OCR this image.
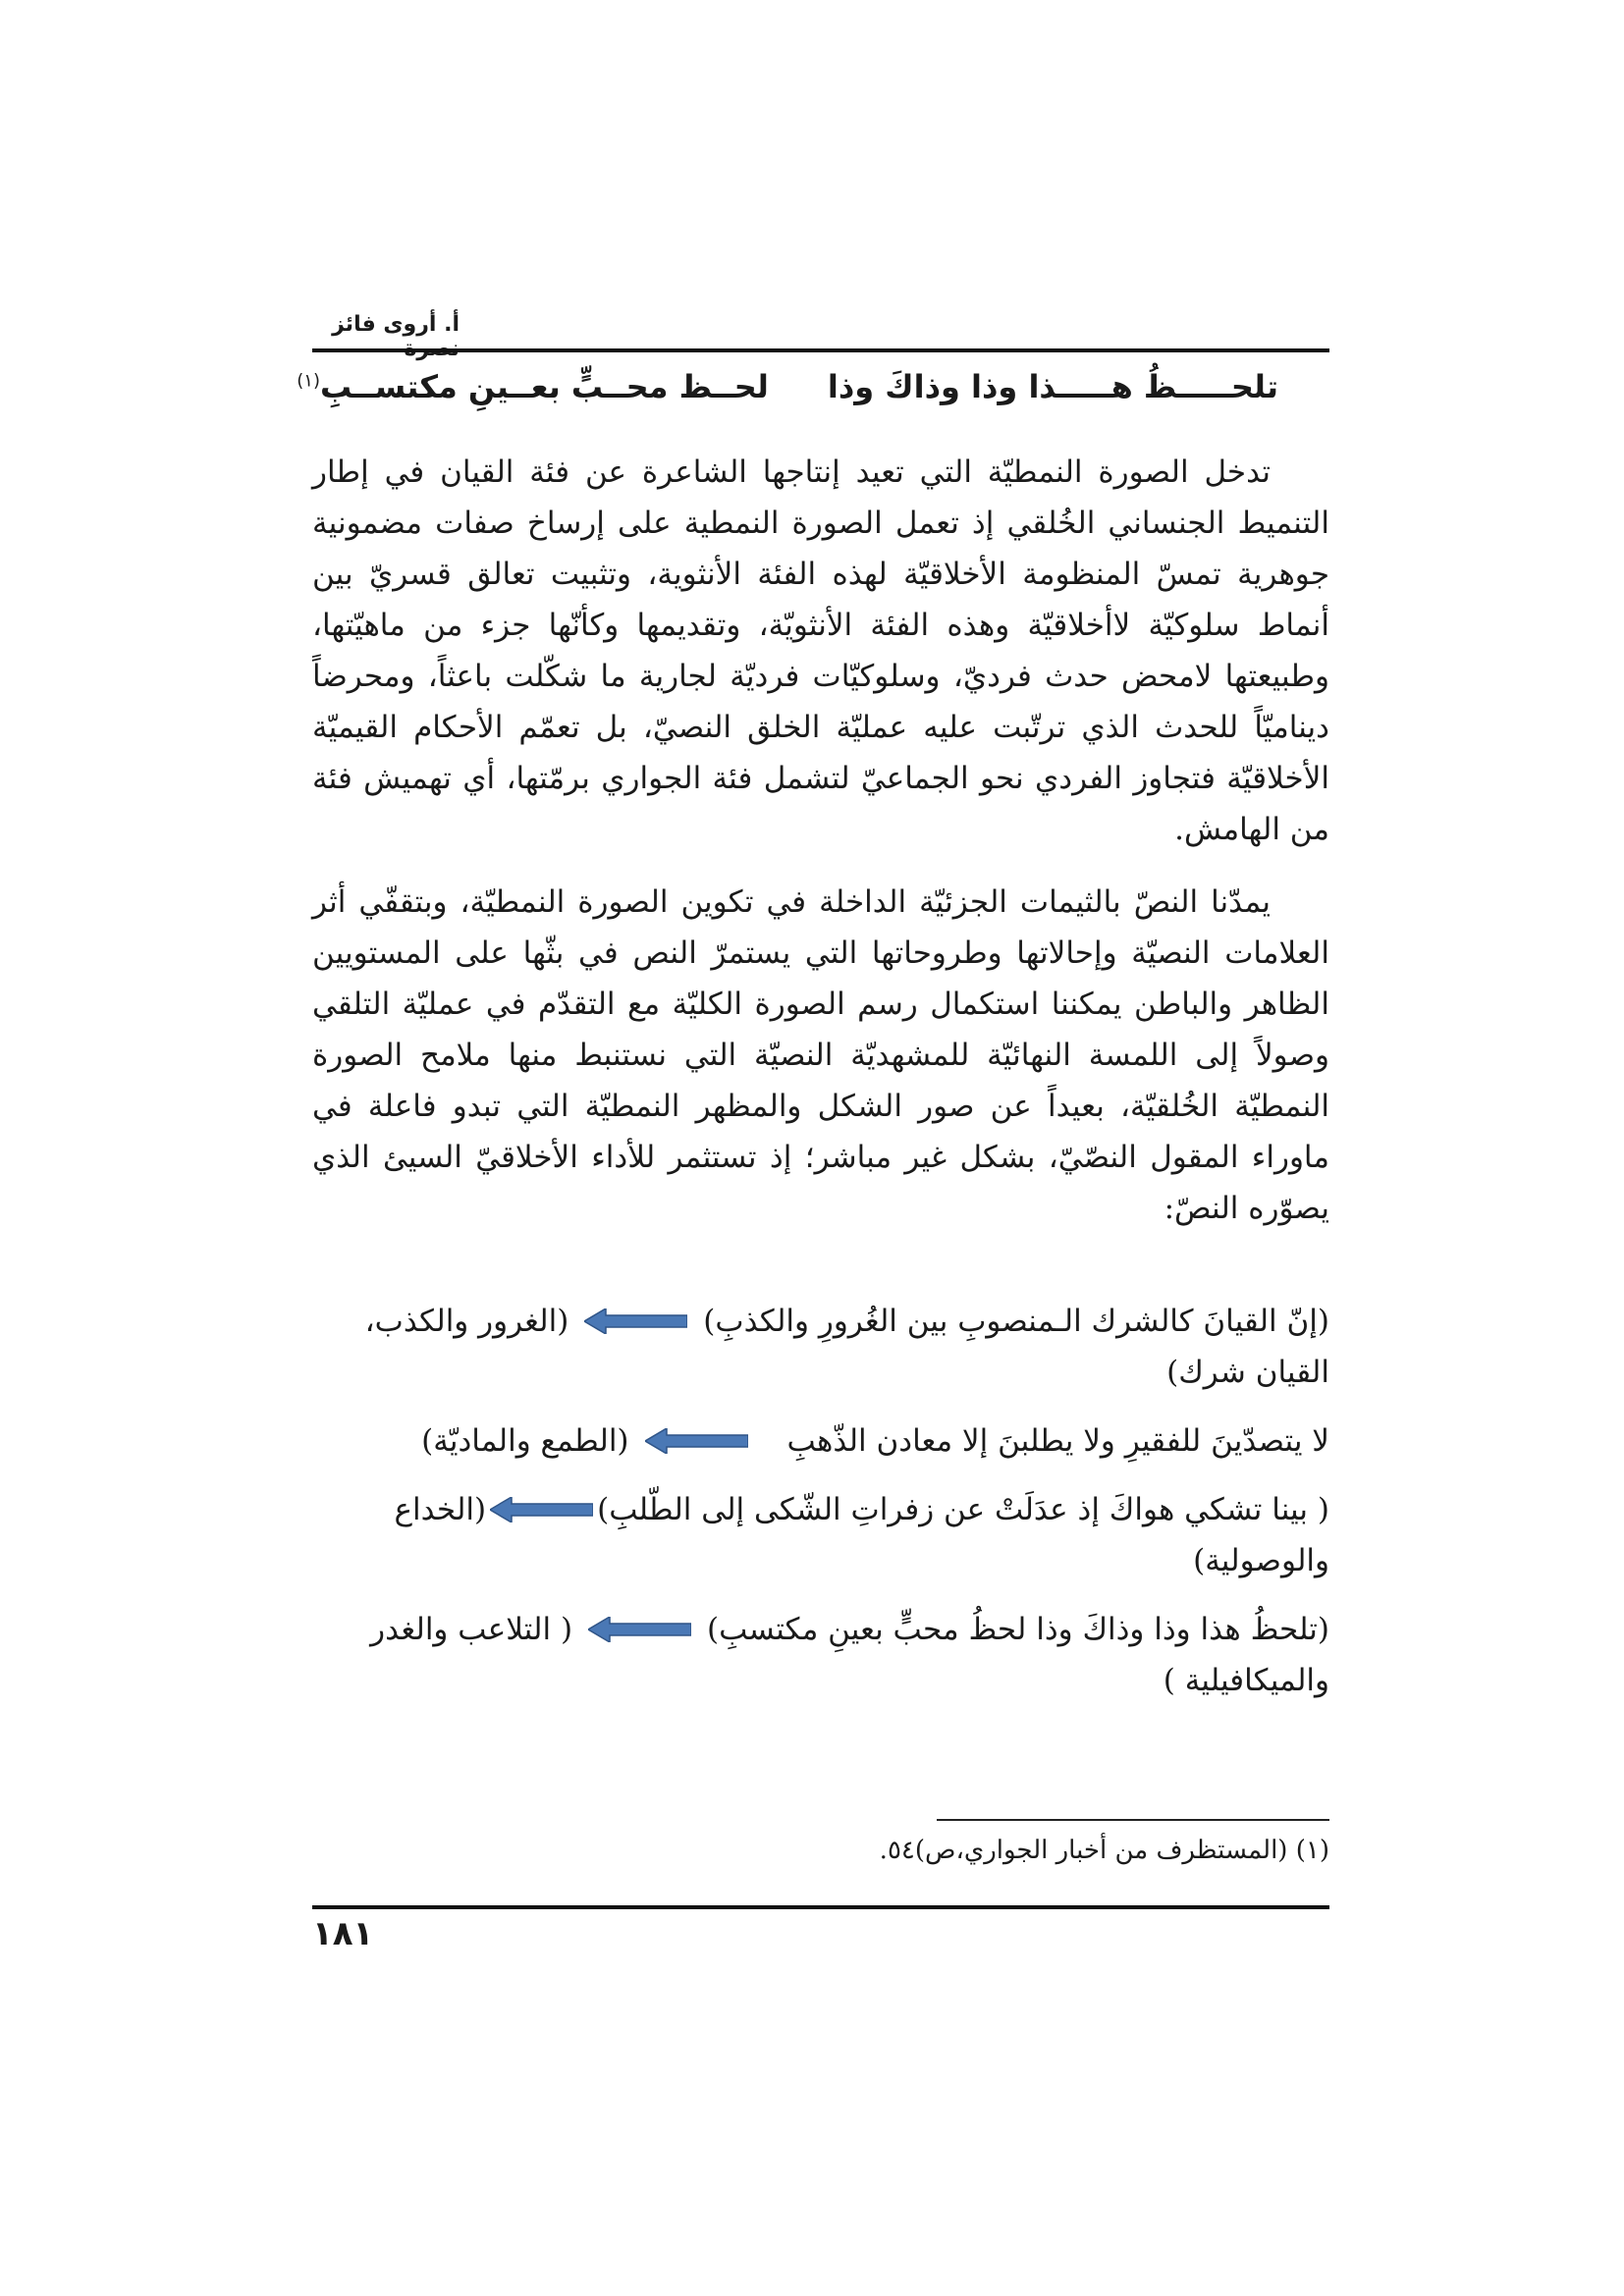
أ. أروى فائز
تلحـــــظُ هـــــذا وذا وذاكَ وذالحــظ محــبٍّ بعــينِ مكتســبِ$^{(١)}$

تدخل الصورة النمطيّة التي تعيد إنتاجها الشاعرة عن فئة القيان في إطار التنميط الجنساني الخُلقي إذ تعمل الصورة النمطية على إرساخ صفات مضمونية جوهرية تمسّ المنظومة الأخلاقيّة لهذه الفئة الأنثوية، وتثبيت تعالق قسريّ بين أنماط سلوكيّة لاأخلاقيّة وهذه الفئة الأنثويّة، وتقديمها وكأنّها جزء من ماهيّتها، وطبيعتها لامحض حدث فرديّ، وسلوكيّات فرديّة لجارية ما شكّلت باعثاً، ومحرضاً ديناميّاً للحدث الذي ترتّبت عليه عمليّة الخلق النصيّ، بل تعمّم الأحكام القيميّة الأخلاقيّة فتجاوز الفردي نحو الجماعيّ لتشمل فئة الجواري برمّتها، أي تهميش فئة من الهامش.

يمدّنا النصّ بالثيمات الجزئيّة الداخلة في تكوين الصورة النمطيّة، وبتقفّي أثر العلامات النصيّة وإحالاتها وطروحاتها التي يستمرّ النص في بثّها على المستويين الظاهر والباطن يمكننا استكمال رسم الصورة الكليّة مع التقدّم في عمليّة التلقي وصولاً إلى اللمسة النهائيّة للمشهديّة النصيّة التي نستنبط منها ملامح الصورة النمطيّة الخُلقيّة، بعيداً عن صور الشكل والمظهر النمطيّة التي تبدو فاعلة في ماوراء المقول النصّيّ، بشكل غير مباشر؛ إذ تستثمر للأداء الأخلاقيّ السيئ الذي يصوّره النصّ:

(إنّ القيانَ كالشرك الـمنصوبِ بين الغُرورِ والكذبِ)
(الغرور والكذب،
القيان شرك)
لا يتصدّينَ للفقيرِ ولا يطلبنَ إلا معادن الذّهبِ
(الطمع والماديّة)
( بينا تشكي هواكَ إذ عدَلَتْ عن زفراتِ الشّكى إلى الطّلبِ)
(الخداع
والوصولية)
(تلحظُ هذا وذا وذاكَ وذا لحظُ محبٍّ بعينِ مكتسبِ)
( التلاعب والغدر
والميكافيلية )
(١) (المستظرف من أخبار الجواري،ص)٥٤.
١٨١
